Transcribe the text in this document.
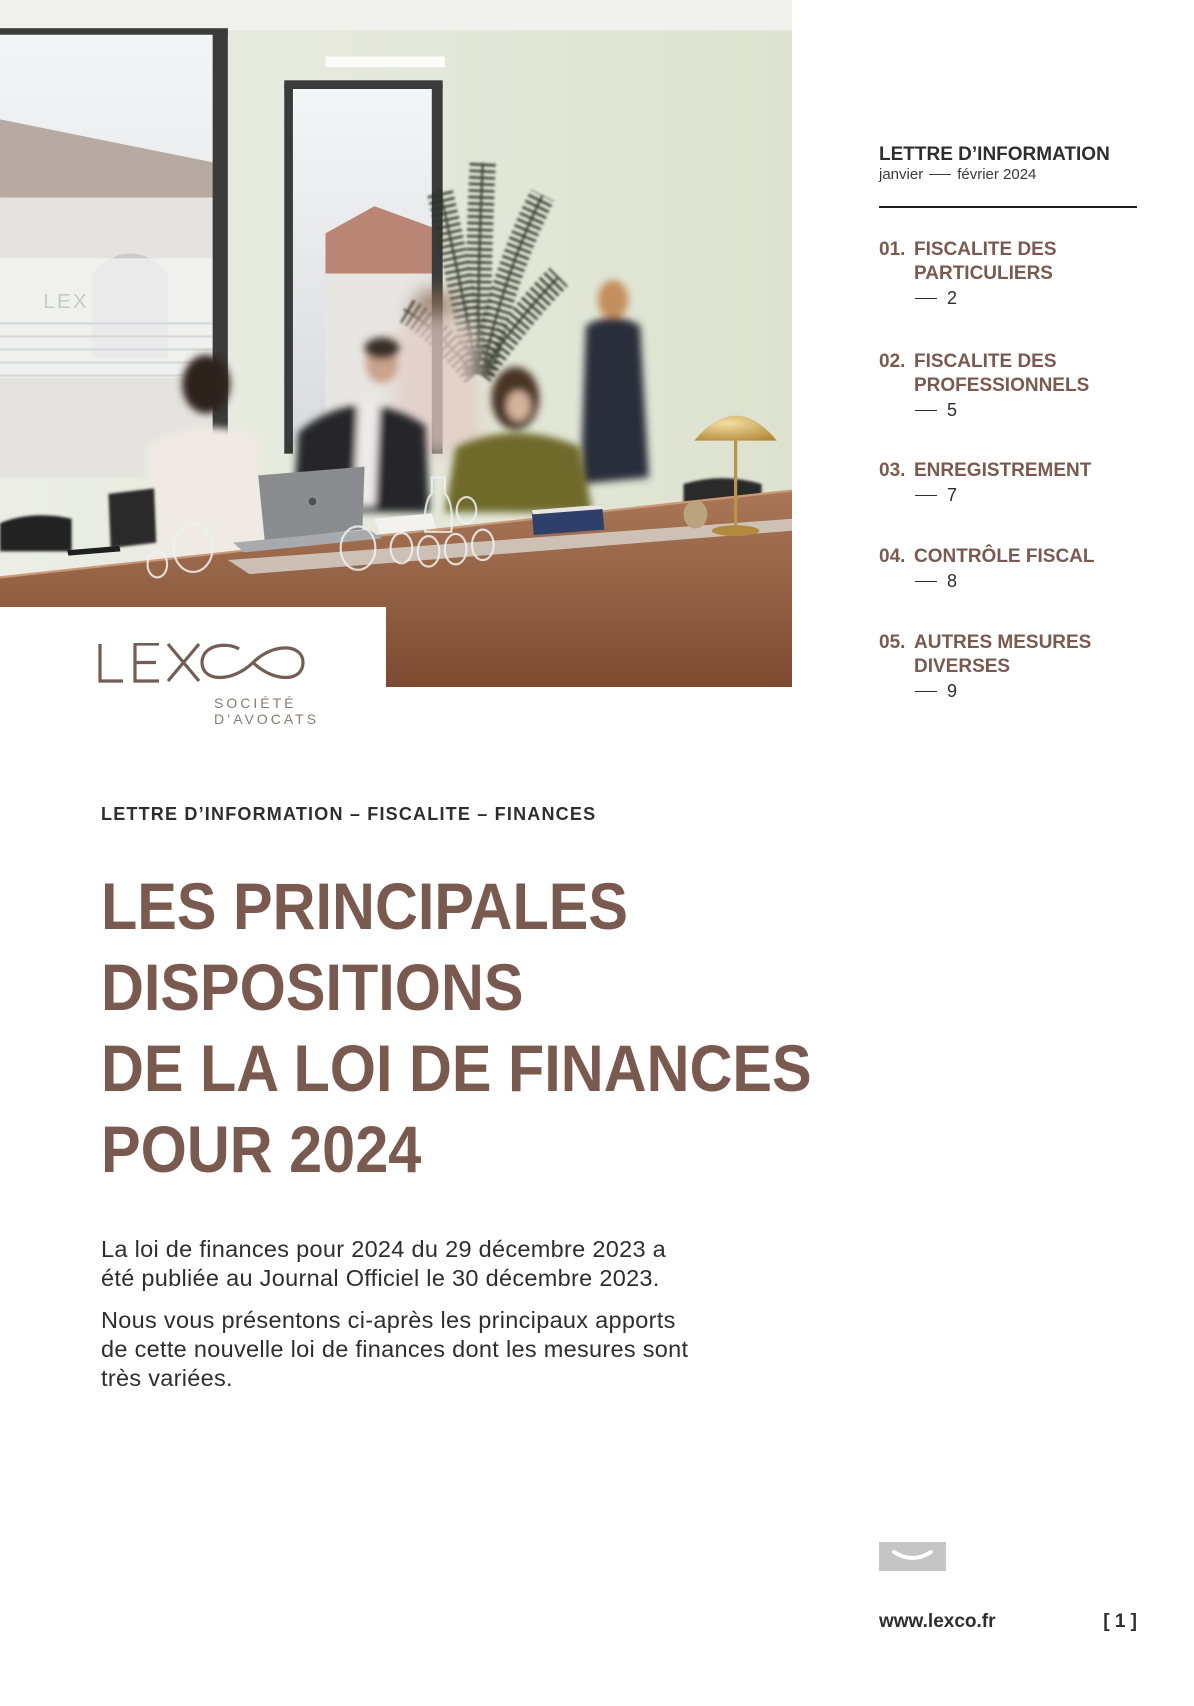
LEX
SOCIÉTÉ
D’AVOCATS
LETTRE D’INFORMATION
janvier février 2024
01. FISCALITE DES PARTICULIERS
2
02. FISCALITE DES PROFESSIONNELS
5
03. ENREGISTREMENT
7
04. CONTRÔLE FISCAL
8
05. AUTRES MESURES DIVERSES
9
LETTRE D’INFORMATION – FISCALITE – FINANCES
LES PRINCIPALES
DISPOSITIONS
DE LA LOI DE FINANCES
POUR 2024
La loi de finances pour 2024 du 29 décembre 2023 a
été publiée au Journal Officiel le 30 décembre 2023.
Nous vous présentons ci-après les principaux apports
de cette nouvelle loi de finances dont les mesures sont
très variées.
www.lexco.fr	[ 1 ]
